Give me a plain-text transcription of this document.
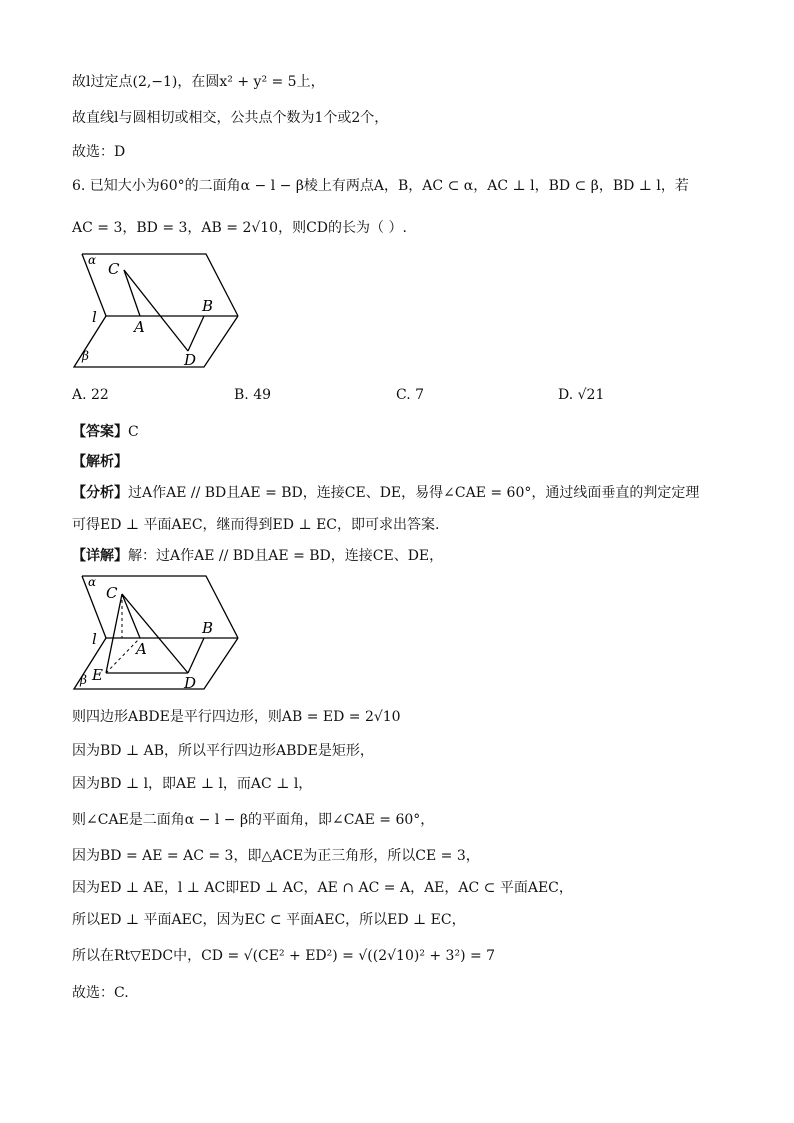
故l过定点(2,−1)，在圆x² + y² = 5上，
故直线l与圆相切或相交，公共点个数为1个或2个，
故选：D
6. 已知大小为60°的二面角α − l − β棱上有两点A，B，AC ⊂ α，AC ⊥ l，BD ⊂ β，BD ⊥ l，若
AC = 3，BD = 3，AB = 2√10，则CD的长为（ ）.
α C
l
A
B
D
β
A. 22	B. 49	C. 7	D. √21
【答案】C
【解析】
【分析】过A作AE // BD且AE = BD，连接CE、DE，易得∠CAE = 60°，通过线面垂直的判定定理
可得ED ⊥ 平面AEC，继而得到ED ⊥ EC，即可求出答案.
【详解】解：过A作AE // BD且AE = BD，连接CE、DE，
α
C
l
A
B
D
β E
则四边形ABDE是平行四边形，则AB = ED = 2√10
因为BD ⊥ AB，所以平行四边形ABDE是矩形，
因为BD ⊥ l，即AE ⊥ l，而AC ⊥ l，
则∠CAE是二面角α − l − β的平面角，即∠CAE = 60°，
因为BD = AE = AC = 3，即△ACE为正三角形，所以CE = 3，
因为ED ⊥ AE，l ⊥ AC即ED ⊥ AC，AE ∩ AC = A，AE，AC ⊂ 平面AEC，
所以ED ⊥ 平面AEC，因为EC ⊂ 平面AEC，所以ED ⊥ EC，
所以在Rt▽EDC中，CD = √(CE² + ED²) = √((2√10)² + 3²) = 7
故选：C.
